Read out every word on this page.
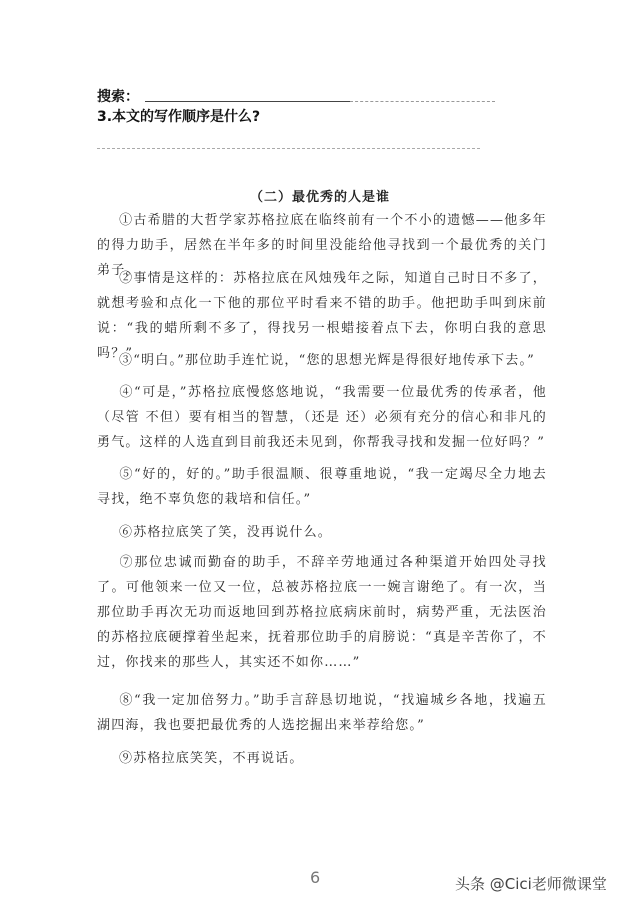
搜索：
3.本文的写作顺序是什么?
（二）最优秀的人是谁
①古希腊的大哲学家苏格拉底在临终前有一个不小的遗憾——他多年的得力助手，居然在半年多的时间里没能给他寻找到一个最优秀的关门弟子。
②事情是这样的：苏格拉底在风烛残年之际，知道自己时日不多了，就想考验和点化一下他的那位平时看来不错的助手。他把助手叫到床前说：“我的蜡所剩不多了，得找另一根蜡接着点下去，你明白我的意思吗？”
③“明白。”那位助手连忙说，“您的思想光辉是得很好地传承下去。”
④“可是，”苏格拉底慢悠悠地说，“我需要一位最优秀的传承者，他（尽管 不但）要有相当的智慧，（还是 还）必须有充分的信心和非凡的勇气。这样的人选直到目前我还未见到，你帮我寻找和发掘一位好吗？”
⑤“好的，好的。”助手很温顺、很尊重地说，“我一定竭尽全力地去寻找，绝不辜负您的栽培和信任。”
⑥苏格拉底笑了笑，没再说什么。
⑦那位忠诚而勤奋的助手，不辞辛劳地通过各种渠道开始四处寻找了。可他领来一位又一位，总被苏格拉底一一婉言谢绝了。有一次，当那位助手再次无功而返地回到苏格拉底病床前时，病势严重，无法医治的苏格拉底硬撑着坐起来，抚着那位助手的肩膀说：“真是辛苦你了，不过，你找来的那些人，其实还不如你……”
⑧“我一定加倍努力。”助手言辞恳切地说，“找遍城乡各地，找遍五湖四海，我也要把最优秀的人选挖掘出来举荐给您。”
⑨苏格拉底笑笑，不再说话。
6	头条 @Cici老师微课堂
